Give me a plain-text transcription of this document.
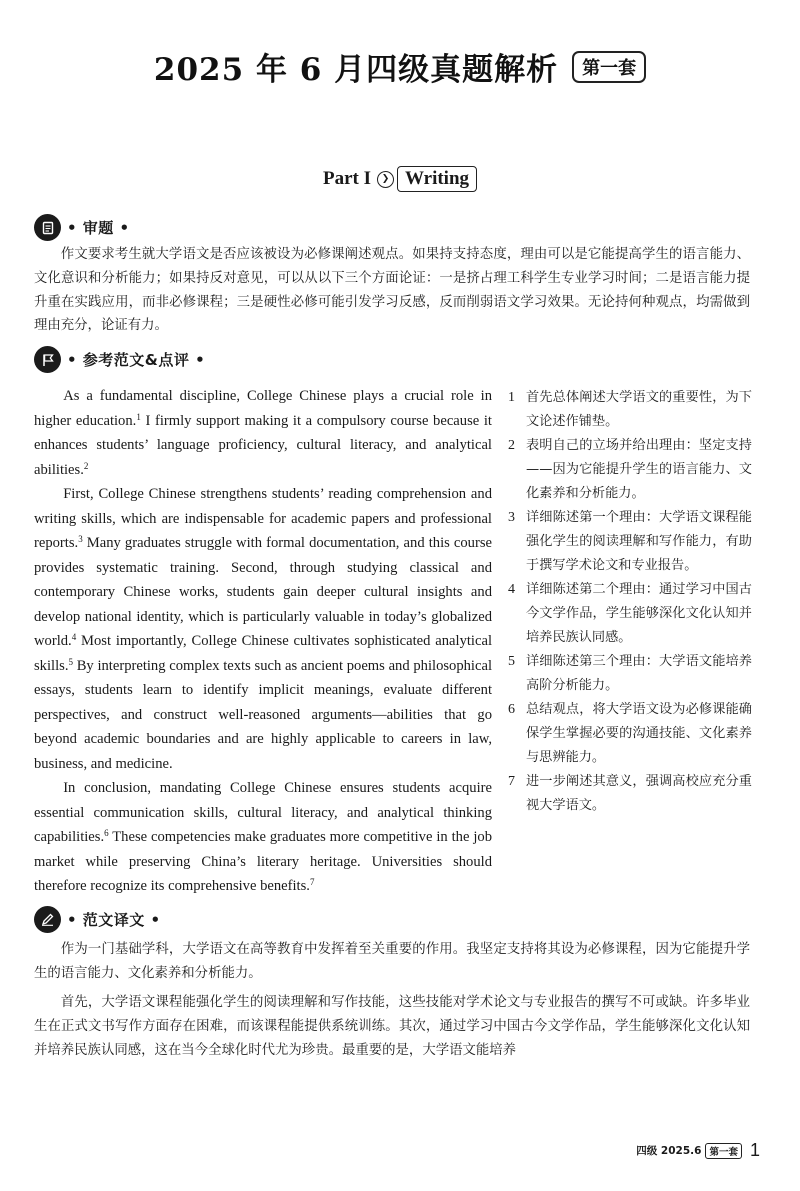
2025 年 6 月四级真题解析	第一套
Part I	❯ Writing
• 审题 •

作文要求考生就大学语文是否应该被设为必修课阐述观点。如果持支持态度，理由可以是它能提高学生的语言能力、文化意识和分析能力；如果持反对意见，可以从以下三个方面论证：一是挤占理工科学生专业学习时间；二是语言能力提升重在实践应用，而非必修课程；三是硬性必修可能引发学习反感，反而削弱语文学习效果。无论持何种观点，均需做到理由充分，论证有力。

• 参考范文&点评 •

As a fundamental discipline, College Chinese plays a crucial role in higher education.$^1$ I firmly support making it a compulsory course because it enhances students’ language proficiency, cultural literacy, and analytical abilities.$^2$

First, College Chinese strengthens students’ reading comprehension and writing skills, which are indispensable for academic papers and professional reports.$^3$ Many graduates struggle with formal documentation, and this course provides systematic training. Second, through studying classical and contemporary Chinese works, students gain deeper cultural insights and develop national identity, which is particularly valuable in today’s globalized world.$^4$ Most importantly, College Chinese cultivates sophisticated analytical skills.$^5$ By interpreting complex texts such as ancient poems and philosophical essays, students learn to identify implicit meanings, evaluate different perspectives, and construct well-reasoned arguments—abilities that go beyond academic boundaries and are highly applicable to careers in law, business, and medicine.

In conclusion, mandating College Chinese ensures students acquire essential communication skills, cultural literacy, and analytical thinking capabilities.$^6$ These competencies make graduates more competitive in the job market while preserving China’s literary heritage. Universities should therefore recognize its comprehensive benefits.$^7$

1 首先总体阐述大学语文的重要性，为下文论述作铺垫。
2 表明自己的立场并给出理由：坚定支持——因为它能提升学生的语言能力、文化素养和分析能力。
3 详细陈述第一个理由：大学语文课程能强化学生的阅读理解和写作能力，有助于撰写学术论文和专业报告。
4 详细陈述第二个理由：通过学习中国古今文学作品，学生能够深化文化认知并培养民族认同感。
5 详细陈述第三个理由：大学语文能培养高阶分析能力。
6 总结观点，将大学语文设为必修课能确保学生掌握必要的沟通技能、文化素养与思辨能力。
7 进一步阐述其意义，强调高校应充分重视大学语文。
• 范文译文 •

作为一门基础学科，大学语文在高等教育中发挥着至关重要的作用。我坚定支持将其设为必修课程，因为它能提升学生的语言能力、文化素养和分析能力。

首先，大学语文课程能强化学生的阅读理解和写作技能，这些技能对学术论文与专业报告的撰写不可或缺。许多毕业生在正式文书写作方面存在困难，而该课程能提供系统训练。其次，通过学习中国古今文学作品，学生能够深化文化认知并培养民族认同感，这在当今全球化时代尤为珍贵。最重要的是，大学语文能培养

四级 2025.6 第一套 1
